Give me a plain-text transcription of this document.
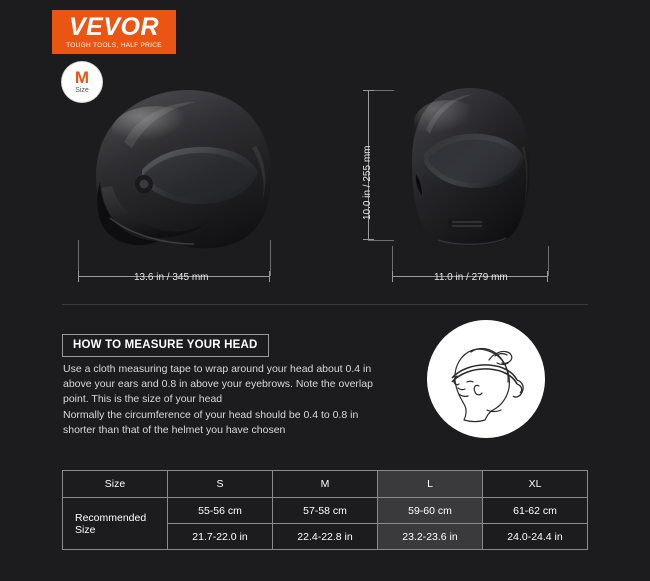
VEVOR
TOUGH TOOLS, HALF PRICE
M
Size
13.6 in / 345 mm	11.0 in / 279 mm
10.0 in / 255 mm
HOW TO MEASURE YOUR HEAD
Use a cloth measuring tape to wrap around your head about 0.4 in above your ears and 0.8 in above your eyebrows. Note the overlap point. This is the size of your head
Normally the circumference of your head should be 0.4 to 0.8 in shorter than that of the helmet you have chosen
Size	S	M	L	XL
Recommended Size	55-56 cm	57-58 cm	59-60 cm	61-62 cm
	21.7-22.0 in	22.4-22.8 in	23.2-23.6 in	24.0-24.4 in
